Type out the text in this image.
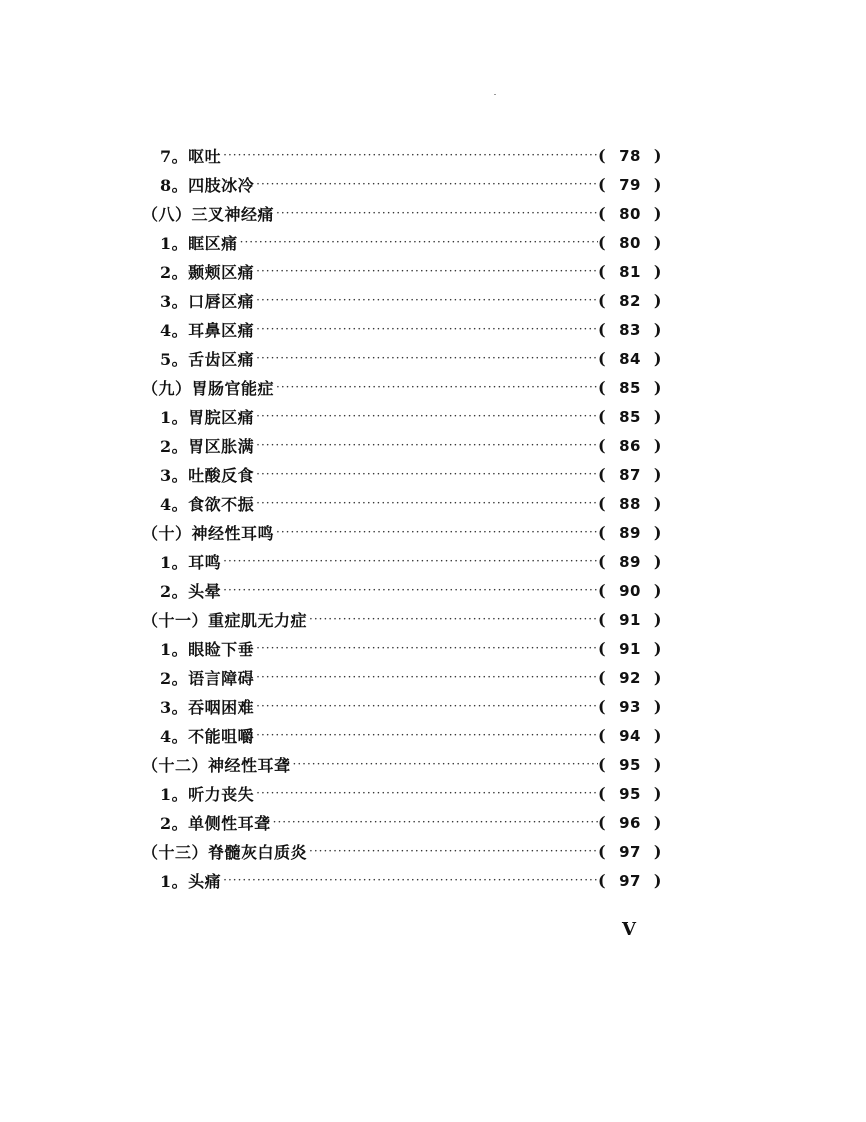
7。呕吐 ·····	( 78 )
8。四肢冰冷 ·····	( 79 )
（八）三叉神经痛 ·····	( 80 )
1。眶区痛 ·····	( 80 )
2。颞颊区痛 ·····	( 81 )
3。口唇区痛 ·····	( 82 )
4。耳鼻区痛 ·····	( 83 )
5。舌齿区痛 ·····	( 84 )
（九）胃肠官能症 ·····	( 85 )
1。胃脘区痛 ·····	( 85 )
2。胃区胀满 ·····	( 86 )
3。吐酸反食 ·····	( 87 )
4。食欲不振 ·····	( 88 )
（十）神经性耳鸣 ·····	( 89 )
1。耳鸣 ·····	( 89 )
2。头晕 ·····	( 90 )
（十一）重症肌无力症 ·····	( 91 )
1。眼睑下垂 ·····	( 91 )
2。语言障碍 ·····	( 92 )
3。吞咽困难 ·····	( 93 )
4。不能咀嚼 ·····	( 94 )
（十二）神经性耳聋 ·····	( 95 )
1。听力丧失 ·····	( 95 )
2。单侧性耳聋 ·····	( 96 )
（十三）脊髓灰白质炎 ·····	( 97 )
1。头痛 ·····	( 97 )
V
